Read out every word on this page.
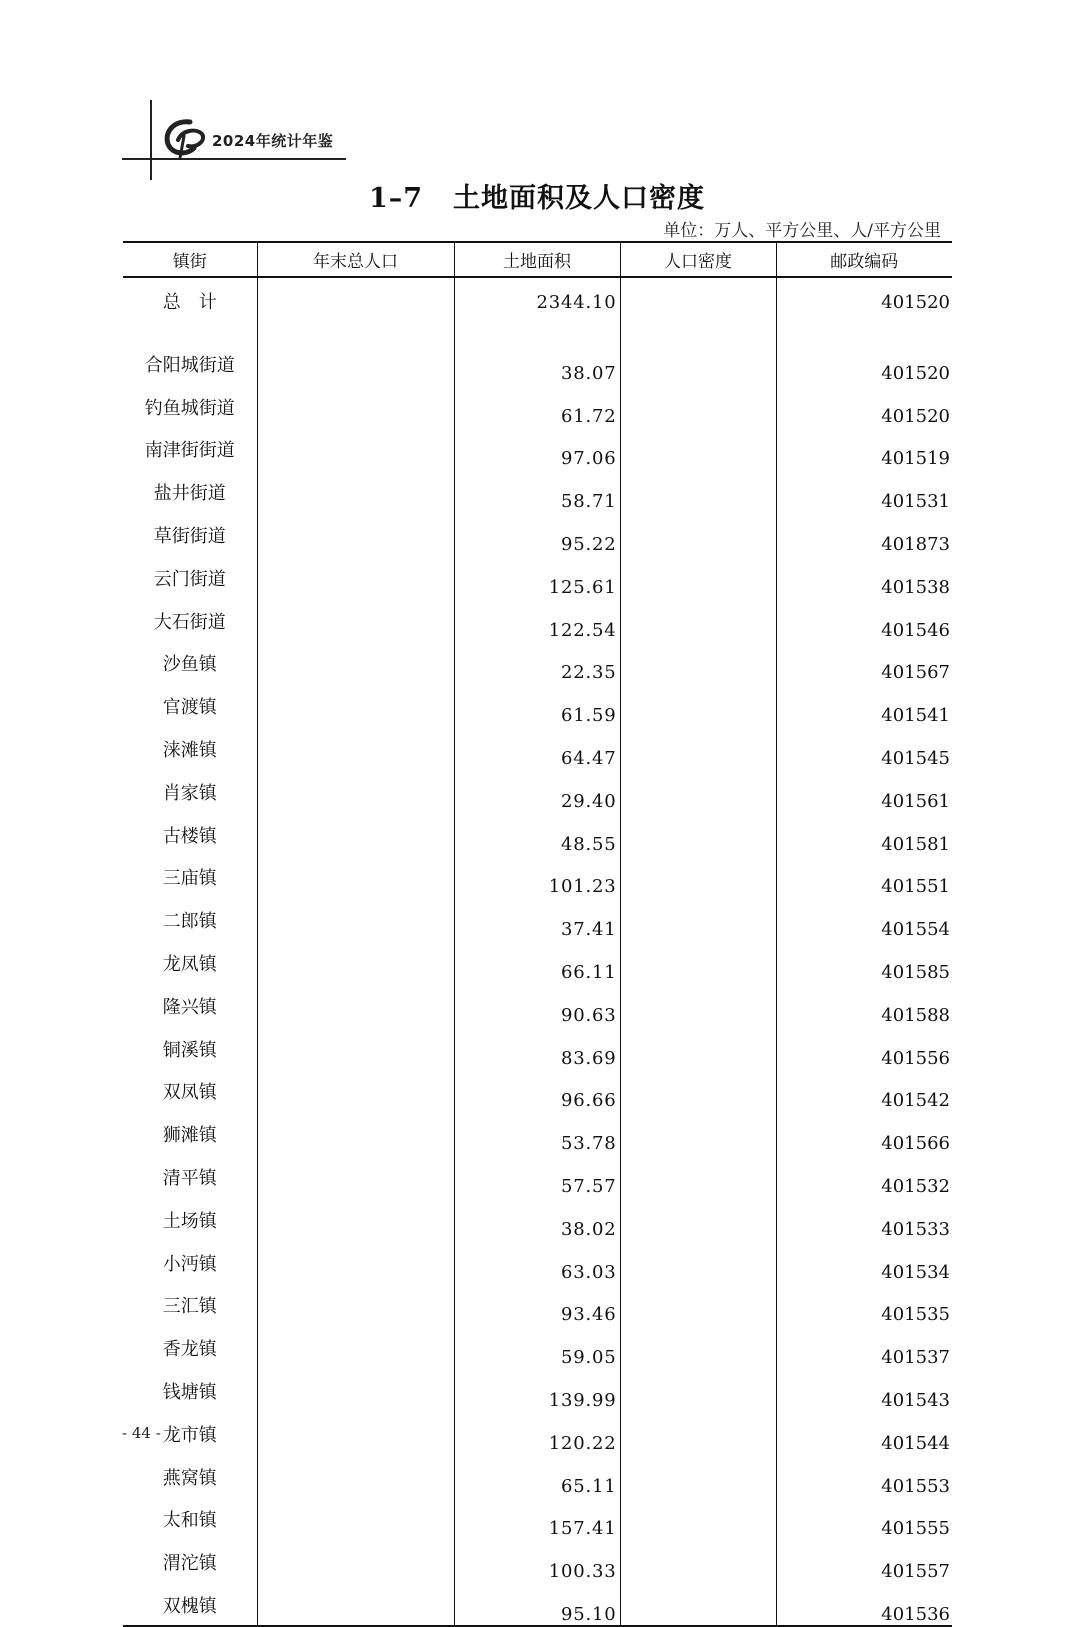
2024年统计年鉴
1–7 土地面积及人口密度
单位：万人、平方公里、人/平方公里
镇街	年末总人口	土地面积	人口密度	邮政编码
总　计		2344.10		401520

合阳城街道		38.07		401520
钓鱼城街道		61.72		401520
南津街街道		97.06		401519
盐井街道		58.71		401531
草街街道		95.22		401873
云门街道		125.61		401538
大石街道		122.54		401546
沙鱼镇		22.35		401567
官渡镇		61.59		401541
涞滩镇		64.47		401545
肖家镇		29.40		401561
古楼镇		48.55		401581
三庙镇		101.23		401551
二郎镇		37.41		401554
龙凤镇		66.11		401585
隆兴镇		90.63		401588
铜溪镇		83.69		401556
双凤镇		96.66		401542
狮滩镇		53.78		401566
清平镇		57.57		401532
土场镇		38.02		401533
小沔镇		63.03		401534
三汇镇		93.46		401535
香龙镇		59.05		401537
钱塘镇		139.99		401543
龙市镇		120.22		401544
燕窝镇		65.11		401553
太和镇		157.41		401555
渭沱镇		100.33		401557
双槐镇		95.10		401536
- 44 -
